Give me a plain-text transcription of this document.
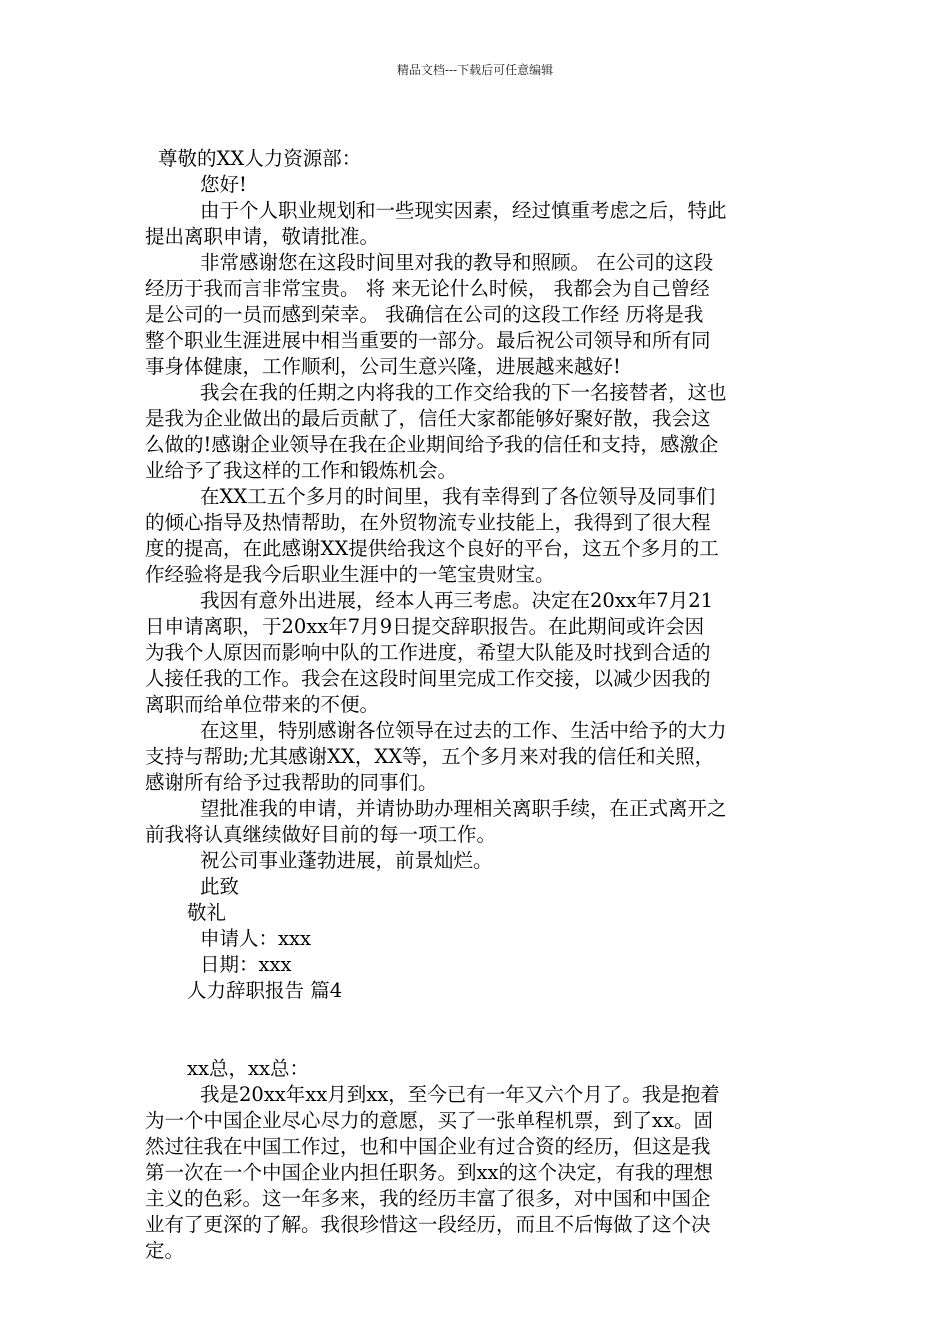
精品文档---下载后可任意编辑
尊敬的XX人力资源部：
您好!
由于个人职业规划和一些现实因素，经过慎重考虑之后，特此
提出离职申请，敬请批准。
非常感谢您在这段时间里对我的教导和照顾。 在公司的这段
经历于我而言非常宝贵。 将 来无论什么时候， 我都会为自己曾经
是公司的一员而感到荣幸。 我确信在公司的这段工作经 历将是我
整个职业生涯进展中相当重要的一部分。最后祝公司领导和所有同
事身体健康，工作顺利，公司生意兴隆，进展越来越好!
我会在我的任期之内将我的工作交给我的下一名接替者，这也
是我为企业做出的最后贡献了，信任大家都能够好聚好散，我会这
么做的!感谢企业领导在我在企业期间给予我的信任和支持，感激企
业给予了我这样的工作和锻炼机会。
在XX工五个多月的时间里，我有幸得到了各位领导及同事们
的倾心指导及热情帮助，在外贸物流专业技能上，我得到了很大程
度的提高，在此感谢XX提供给我这个良好的平台，这五个多月的工
作经验将是我今后职业生涯中的一笔宝贵财宝。
我因有意外出进展，经本人再三考虑。决定在20xx年7月21
日申请离职，于20xx年7月9日提交辞职报告。在此期间或许会因
为我个人原因而影响中队的工作进度，希望大队能及时找到合适的
人接任我的工作。我会在这段时间里完成工作交接，以减少因我的
离职而给单位带来的不便。
在这里，特别感谢各位领导在过去的工作、生活中给予的大力
支持与帮助;尤其感谢XX，XX等，五个多月来对我的信任和关照，
感谢所有给予过我帮助的同事们。
望批准我的申请，并请协助办理相关离职手续，在正式离开之
前我将认真继续做好目前的每一项工作。
祝公司事业蓬勃进展，前景灿烂。
此致
敬礼
申请人：xxx
日期：xxx
人力辞职报告 篇4
xx总，xx总：
我是20xx年xx月到xx，至今已有一年又六个月了。我是抱着
为一个中国企业尽心尽力的意愿，买了一张单程机票，到了xx。固
然过往我在中国工作过，也和中国企业有过合资的经历，但这是我
第一次在一个中国企业内担任职务。到xx的这个决定，有我的理想
主义的色彩。这一年多来，我的经历丰富了很多，对中国和中国企
业有了更深的了解。我很珍惜这一段经历，而且不后悔做了这个决
定。
